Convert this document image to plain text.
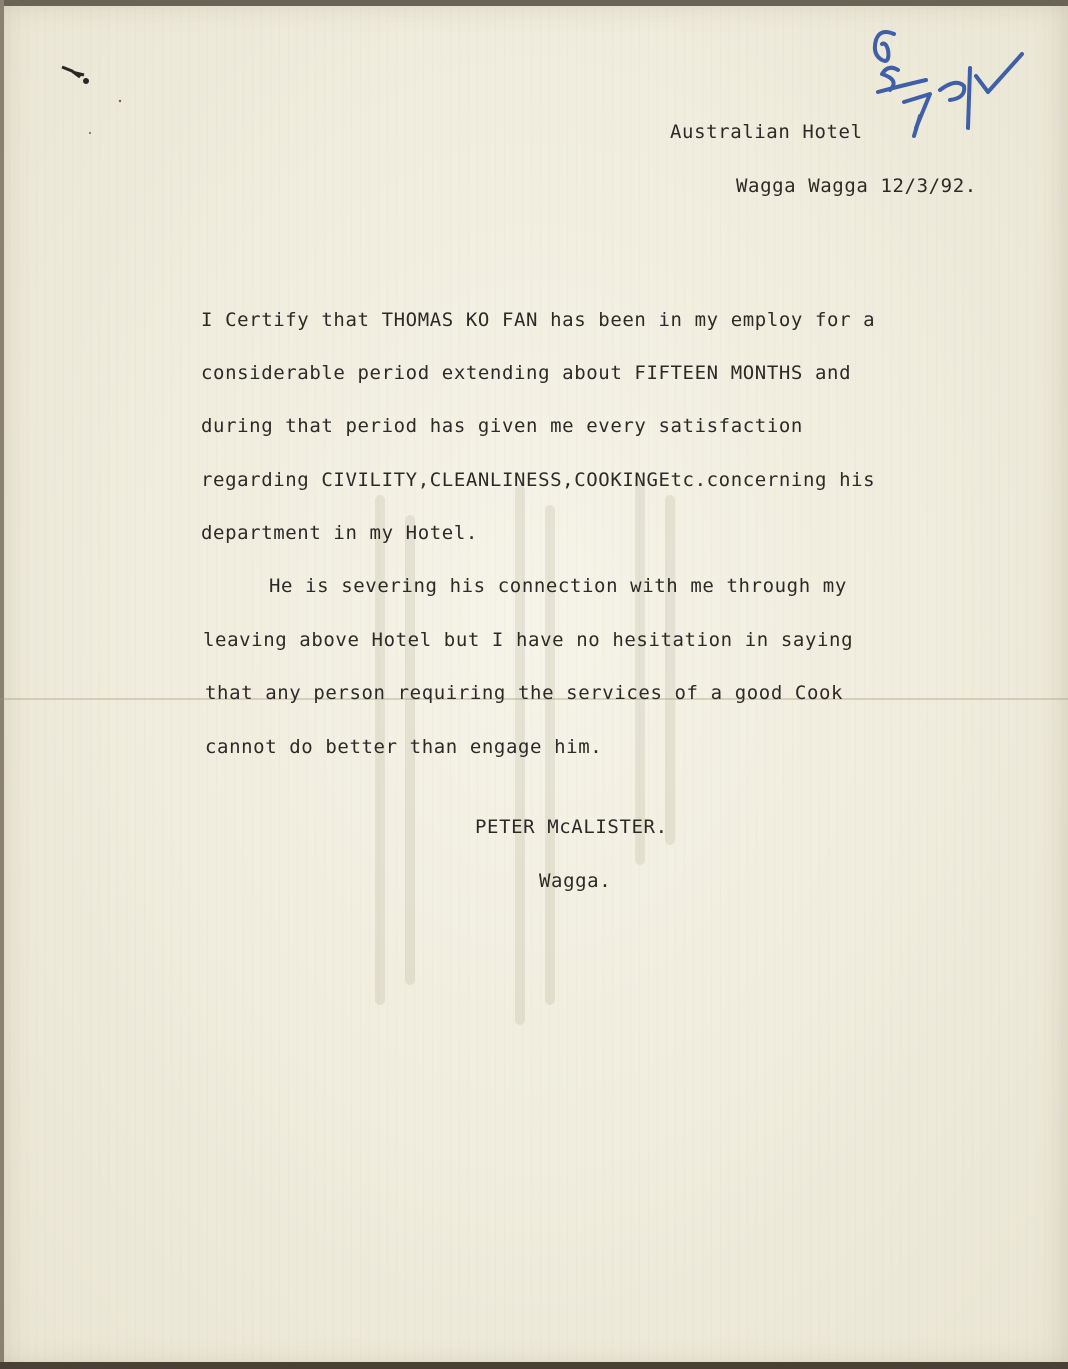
Australian Hotel

Wagga Wagga 12/3/92.

I Certify that THOMAS KO FAN has been in my employ for a

considerable period extending about FIFTEEN MONTHS and

during that period has given me every satisfaction

regarding CIVILITY,CLEANLINESS,COOKINGEtc.concerning his

department in my Hotel.

He is severing his connection with me through my

leaving above Hotel but I have no hesitation in saying

that any person requiring the services of a good Cook

cannot do better than engage him.

PETER McALISTER.

Wagga.
